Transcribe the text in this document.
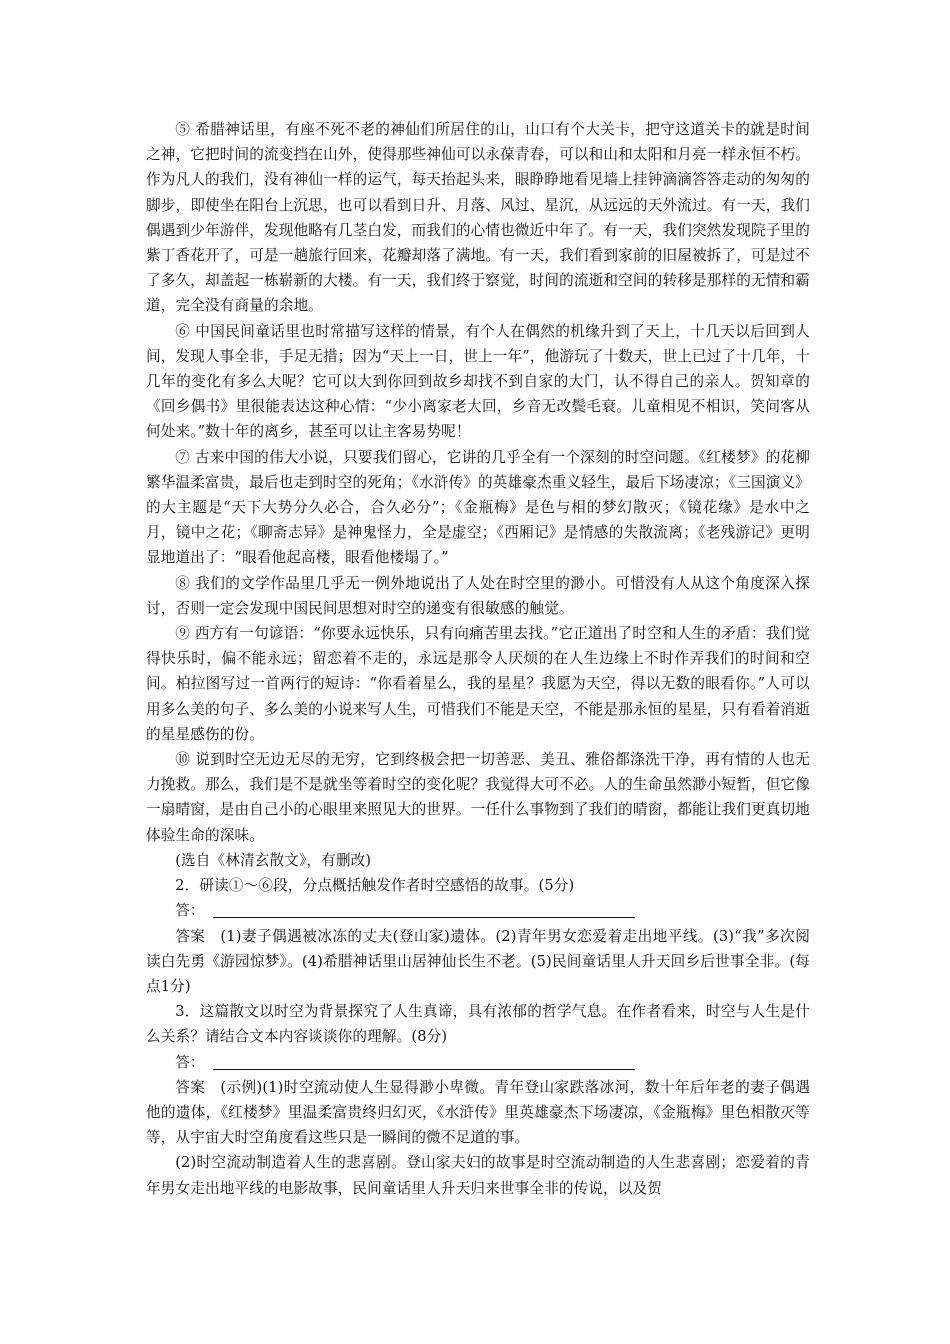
⑤ 希腊神话里，有座不死不老的神仙们所居住的山，山口有个大关卡，把守这道关卡的就是时间之神，它把时间的流变挡在山外，使得那些神仙可以永葆青春，可以和山和太阳和月亮一样永恒不朽。作为凡人的我们，没有神仙一样的运气，每天抬起头来，眼睁睁地看见墙上挂钟滴滴答答走动的匆匆的脚步，即使坐在阳台上沉思，也可以看到日升、月落、风过、星沉，从远远的天外流过。有一天，我们偶遇到少年游伴，发现他略有几茎白发，而我们的心情也微近中年了。有一天，我们突然发现院子里的紫丁香花开了，可是一趟旅行回来，花瓣却落了满地。有一天，我们看到家前的旧屋被拆了，可是过不了多久，却盖起一栋崭新的大楼。有一天，我们终于察觉，时间的流逝和空间的转移是那样的无情和霸道，完全没有商量的余地。

⑥ 中国民间童话里也时常描写这样的情景，有个人在偶然的机缘升到了天上，十几天以后回到人间，发现人事全非，手足无措；因为“天上一日，世上一年”，他游玩了十数天，世上已过了十几年，十几年的变化有多么大呢？它可以大到你回到故乡却找不到自家的大门，认不得自己的亲人。贺知章的《回乡偶书》里很能表达这种心情：“少小离家老大回，乡音无改鬓毛衰。儿童相见不相识，笑问客从何处来。”数十年的离乡，甚至可以让主客易势呢！

⑦ 古来中国的伟大小说，只要我们留心，它讲的几乎全有一个深刻的时空问题。《红楼梦》的花柳繁华温柔富贵，最后也走到时空的死角；《水浒传》的英雄豪杰重义轻生，最后下场凄凉；《三国演义》的大主题是“天下大势分久必合，合久必分”；《金瓶梅》是色与相的梦幻散灭；《镜花缘》是水中之月，镜中之花；《聊斋志异》是神鬼怪力，全是虚空；《西厢记》是情感的失散流离；《老残游记》更明显地道出了：“眼看他起高楼，眼看他楼塌了。”

⑧ 我们的文学作品里几乎无一例外地说出了人处在时空里的渺小。可惜没有人从这个角度深入探讨，否则一定会发现中国民间思想对时空的递变有很敏感的触觉。

⑨ 西方有一句谚语：“你要永远快乐，只有向痛苦里去找。”它正道出了时空和人生的矛盾：我们觉得快乐时，偏不能永远；留恋着不走的，永远是那令人厌烦的在人生边缘上不时作弄我们的时间和空间。柏拉图写过一首两行的短诗：“你看着星么，我的星星？我愿为天空，得以无数的眼看你。”人可以用多么美的句子、多么美的小说来写人生，可惜我们不能是天空，不能是那永恒的星星，只有看着消逝的星星感伤的份。

⑩ 说到时空无边无尽的无穷，它到终极会把一切善恶、美丑、雅俗都涤洗干净，再有情的人也无力挽救。那么，我们是不是就坐等着时空的变化呢？我觉得大可不必。人的生命虽然渺小短暂，但它像一扇晴窗，是由自己小的心眼里来照见大的世界。一任什么事物到了我们的晴窗，都能让我们更真切地体验生命的深味。

(选自《林清玄散文》，有删改)

2．研读①～⑥段，分点概括触发作者时空感悟的故事。(5分)

答：

答案　(1)妻子偶遇被冰冻的丈夫(登山家)遗体。(2)青年男女恋爱着走出地平线。(3)“我”多次阅读白先勇《游园惊梦》。(4)希腊神话里山居神仙长生不老。(5)民间童话里人升天回乡后世事全非。(每点1分)

3．这篇散文以时空为背景探究了人生真谛，具有浓郁的哲学气息。在作者看来，时空与人生是什么关系？请结合文本内容谈谈你的理解。(8分)

答：

答案　(示例)(1)时空流动使人生显得渺小卑微。青年登山家跌落冰河，数十年后年老的妻子偶遇他的遗体，《红楼梦》里温柔富贵终归幻灭，《水浒传》里英雄豪杰下场凄凉，《金瓶梅》里色相散灭等等，从宇宙大时空角度看这些只是一瞬间的微不足道的事。

(2)时空流动制造着人生的悲喜剧。登山家夫妇的故事是时空流动制造的人生悲喜剧；恋爱着的青年男女走出地平线的电影故事，民间童话里人升天归来世事全非的传说，以及贺
